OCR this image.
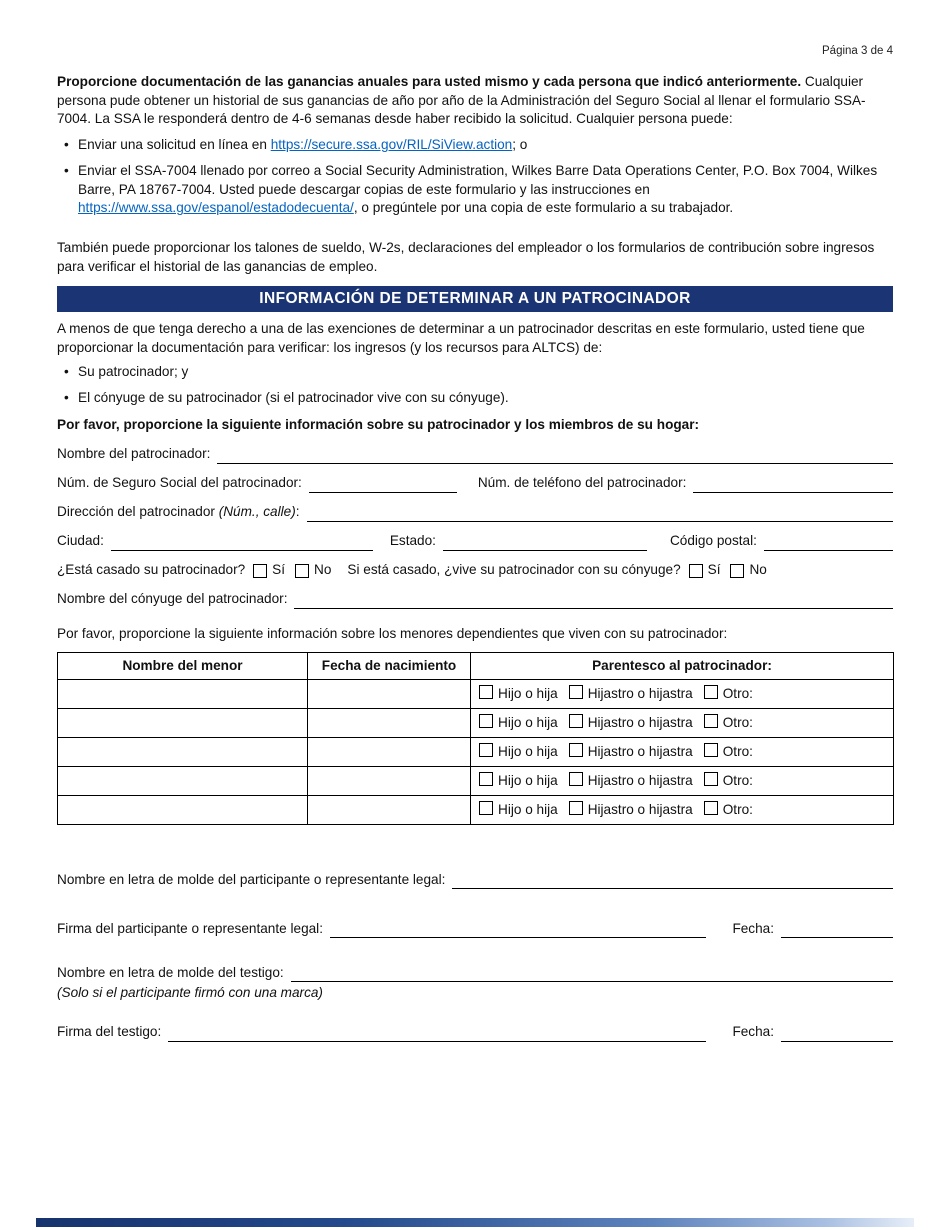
Página 3 de 4

Proporcione documentación de las ganancias anuales para usted mismo y cada persona que indicó anteriormente. Cualquier persona pude obtener un historial de sus ganancias de año por año de la Administración del Seguro Social al llenar el formulario SSA-7004. La SSA le responderá dentro de 4-6 semanas desde haber recibido la solicitud. Cualquier persona puede:

• Enviar una solicitud en línea en https://secure.ssa.gov/RIL/SiView.action; o
• Enviar el SSA-7004 llenado por correo a Social Security Administration, Wilkes Barre Data Operations Center, P.O. Box 7004, Wilkes Barre, PA 18767-7004. Usted puede descargar copias de este formulario y las instrucciones en https://www.ssa.gov/espanol/estadodecuenta/, o pregúntele por una copia de este formulario a su trabajador.

También puede proporcionar los talones de sueldo, W-2s, declaraciones del empleador o los formularios de contribución sobre ingresos para verificar el historial de las ganancias de empleo.

INFORMACIÓN DE DETERMINAR A UN PATROCINADOR

A menos de que tenga derecho a una de las exenciones de determinar a un patrocinador descritas en este formulario, usted tiene que proporcionar la documentación para verificar: los ingresos (y los recursos para ALTCS) de:

• Su patrocinador; y
• El cónyuge de su patrocinador (si el patrocinador vive con su cónyuge).

Por favor, proporcione la siguiente información sobre su patrocinador y los miembros de su hogar:

Nombre del patrocinador:
Núm. de Seguro Social del patrocinador:	Núm. de teléfono del patrocinador:
Dirección del patrocinador (Núm., calle):
Ciudad:	Estado:	Código postal:
¿Está casado su patrocinador? Sí No Si está casado, ¿vive su patrocinador con su cónyuge? Sí No
Nombre del cónyuge del patrocinador:

Por favor, proporcione la siguiente información sobre los menores dependientes que viven con su patrocinador:

Nombre del menor	Fecha de nacimiento	Parentesco al patrocinador:
		Hijo o hija Hijastro o hijastra Otro:
		Hijo o hija Hijastro o hijastra Otro:
		Hijo o hija Hijastro o hijastra Otro:
		Hijo o hija Hijastro o hijastra Otro:
		Hijo o hija Hijastro o hijastra Otro:
Nombre en letra de molde del participante o representante legal:
Firma del participante o representante legal:	Fecha:
Nombre en letra de molde del testigo:
(Solo si el participante firmó con una marca)
Firma del testigo:	Fecha:
